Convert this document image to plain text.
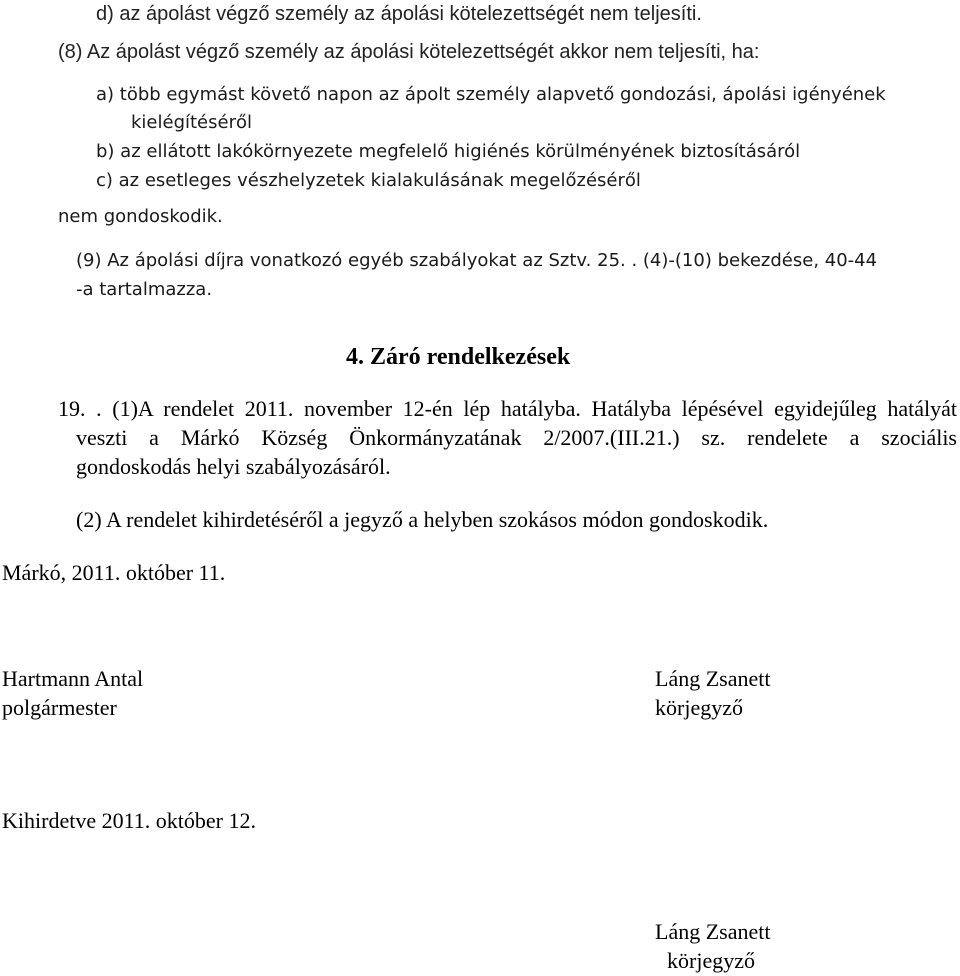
d) az ápolást végző személy az ápolási kötelezettségét nem teljesíti.
(8) Az ápolást végző személy az ápolási kötelezettségét akkor nem teljesíti, ha:
a) több egymást követő napon az ápolt személy alapvető gondozási, ápolási igényének
kielégítéséről
b) az ellátott lakókörnyezete megfelelő higiénés körülményének biztosításáról
c) az esetleges vészhelyzetek kialakulásának megelőzéséről
nem gondoskodik.
(9) Az ápolási díjra vonatkozó egyéb szabályokat az Sztv. 25. . (4)-(10) bekezdése, 40-44
-a tartalmazza.
4. Záró rendelkezések
19. . (1)A rendelet 2011. november 12-én lép hatályba. Hatályba lépésével egyidejűleg hatályát
veszti a Márkó Község Önkormányzatának 2/2007.(III.21.) sz. rendelete a szociális
gondoskodás helyi szabályozásáról.
(2) A rendelet kihirdetéséről a jegyző a helyben szokásos módon gondoskodik.
Márkó, 2011. október 11.
Hartmann Antal
polgármester
Láng Zsanett
körjegyző
Kihirdetve 2011. október 12.
Láng Zsanett
körjegyző
